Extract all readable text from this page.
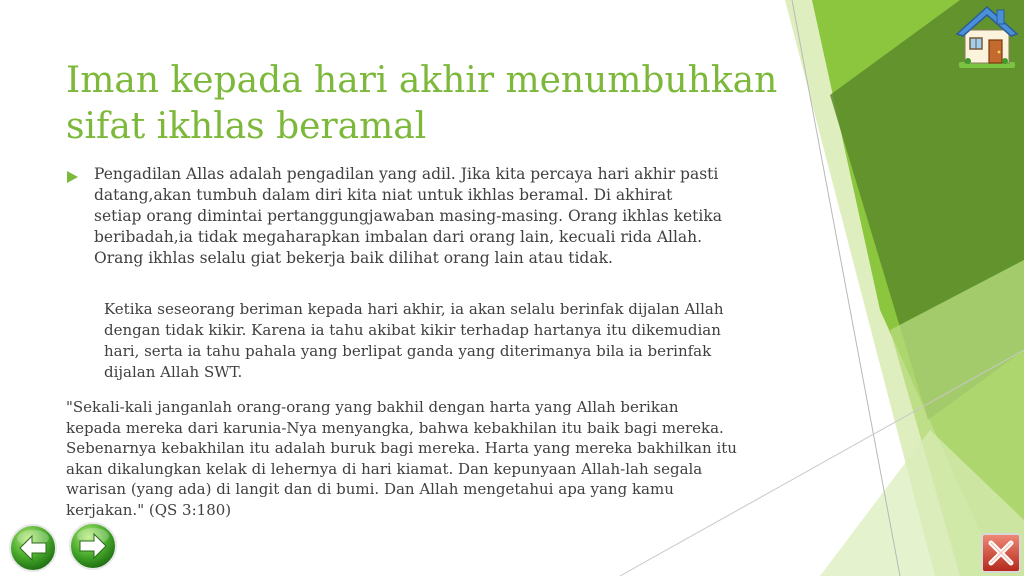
Iman kepada hari akhir menumbuhkan
sifat ikhlas beramal

Pengadilan Allas adalah pengadilan yang adil. Jika kita percaya hari akhir pasti
datang,akan tumbuh dalam diri kita niat untuk ikhlas beramal. Di akhirat
setiap orang dimintai pertanggungjawaban masing-masing. Orang ikhlas ketika
beribadah,ia tidak megaharapkan imbalan dari orang lain, kecuali rida Allah.
Orang ikhlas selalu giat bekerja baik dilihat orang lain atau tidak.

Ketika seseorang beriman kepada hari akhir, ia akan selalu berinfak dijalan Allah
dengan tidak kikir. Karena ia tahu akibat kikir terhadap hartanya itu dikemudian
hari, serta ia tahu pahala yang berlipat ganda yang diterimanya bila ia berinfak
dijalan Allah SWT.

"Sekali-kali janganlah orang-orang yang bakhil dengan harta yang Allah berikan
kepada mereka dari karunia-Nya menyangka, bahwa kebakhilan itu baik bagi mereka.
Sebenarnya kebakhilan itu adalah buruk bagi mereka. Harta yang mereka bakhilkan itu
akan dikalungkan kelak di lehernya di hari kiamat. Dan kepunyaan Allah-lah segala
warisan (yang ada) di langit dan di bumi. Dan Allah mengetahui apa yang kamu
kerjakan." (QS 3:180)
